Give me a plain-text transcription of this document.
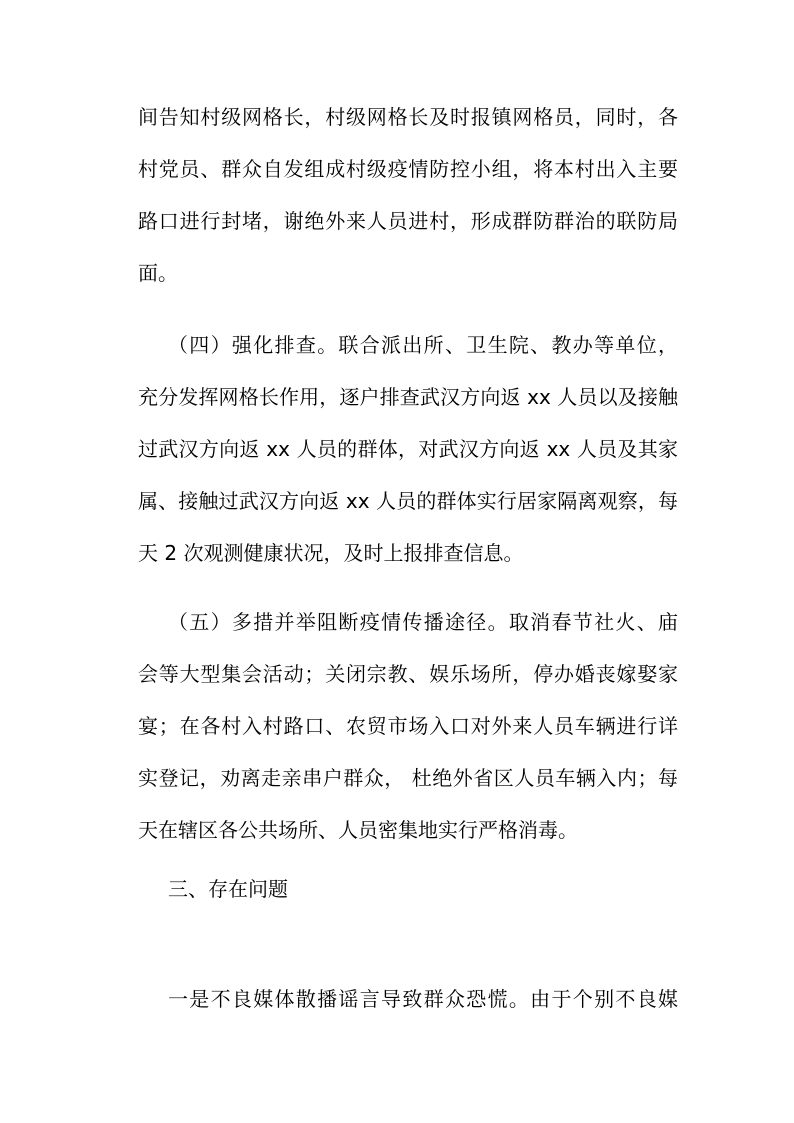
间告知村级网格长，村级网格长及时报镇网格员，同时，各
村党员、群众自发组成村级疫情防控小组，将本村出入主要
路口进行封堵，谢绝外来人员进村，形成群防群治的联防局
面。
（四）强化排查。联合派出所、卫生院、教办等单位，
充分发挥网格长作用，逐户排查武汉方向返 xx 人员以及接触
过武汉方向返 xx 人员的群体，对武汉方向返 xx 人员及其家
属、接触过武汉方向返 xx 人员的群体实行居家隔离观察，每
天 2 次观测健康状况，及时上报排查信息。
（五）多措并举阻断疫情传播途径。取消春节社火、庙
会等大型集会活动；关闭宗教、娱乐场所，停办婚丧嫁娶家
宴；在各村入村路口、农贸市场入口对外来人员车辆进行详
实登记，劝离走亲串户群众， 杜绝外省区人员车辆入内；每
天在辖区各公共场所、人员密集地实行严格消毒。
三、存在问题
一是不良媒体散播谣言导致群众恐慌。由于个别不良媒
